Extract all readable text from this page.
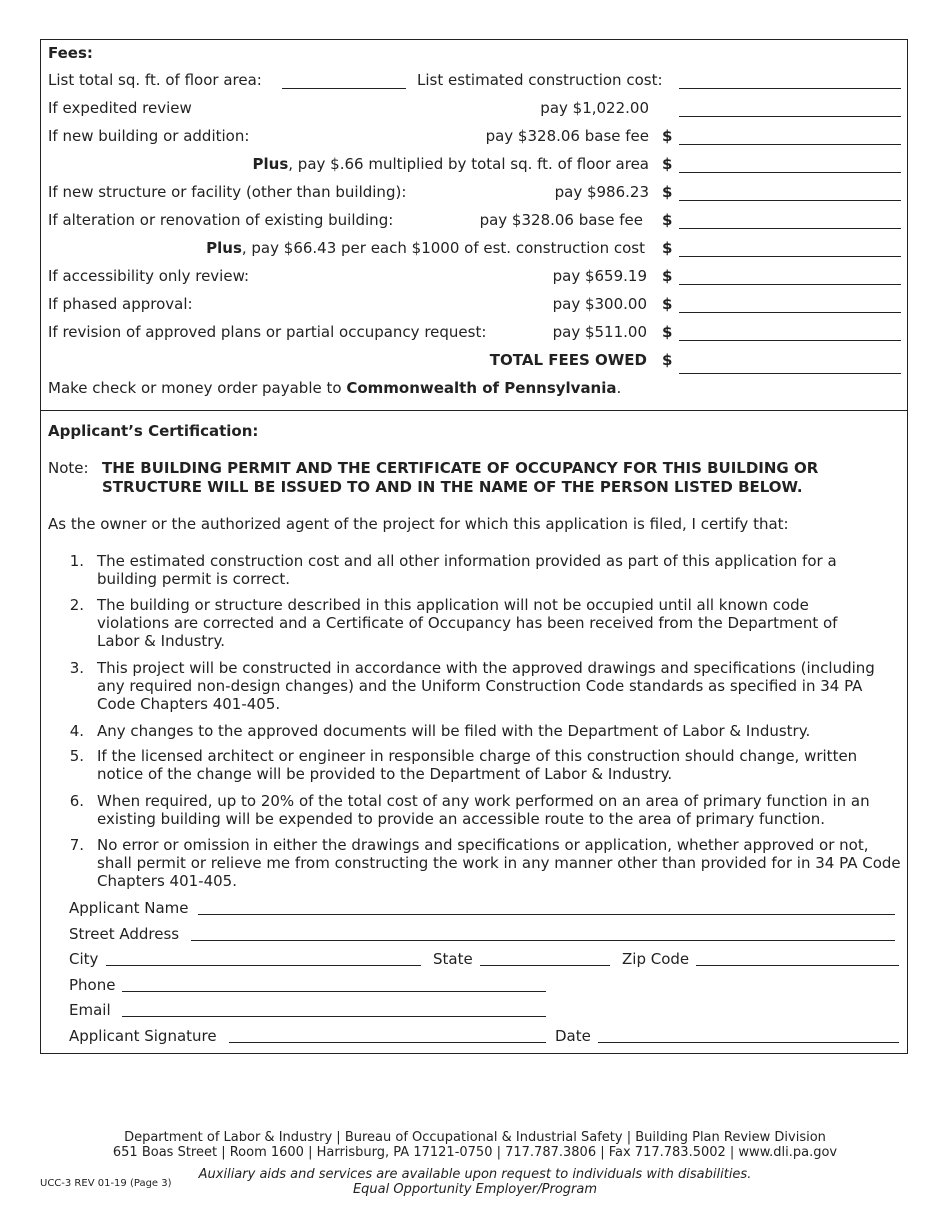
Fees:
List total sq. ft. of floor area:	List estimated construction cost:
If expedited review	pay $1,022.00
If new building or addition:	pay $328.06 base fee $
Plus, pay $.66 multiplied by total sq. ft. of floor area $
If new structure or facility (other than building):	pay $986.23 $
If alteration or renovation of existing building:	pay $328.06 base fee $
Plus, pay $66.43 per each $1000 of est. construction cost $
If accessibility only review:	pay $659.19 $
If phased approval:	pay $300.00 $
If revision of approved plans or partial occupancy request:	pay $511.00 $
TOTAL FEES OWED $
Make check or money order payable to Commonwealth of Pennsylvania.
Applicant’s Certification:
Note: THE BUILDING PERMIT AND THE CERTIFICATE OF OCCUPANCY FOR THIS BUILDING OR
STRUCTURE WILL BE ISSUED TO AND IN THE NAME OF THE PERSON LISTED BELOW.
As the owner or the authorized agent of the project for which this application is filed, I certify that:
1. The estimated construction cost and all other information provided as part of this application for a building permit is correct.
2. The building or structure described in this application will not be occupied until all known code violations are corrected and a Certificate of Occupancy has been received from the Department of Labor & Industry.
3. This project will be constructed in accordance with the approved drawings and specifications (including any required non-design changes) and the Uniform Construction Code standards as specified in 34 PA Code Chapters 401-405.
4. Any changes to the approved documents will be filed with the Department of Labor & Industry.
5. If the licensed architect or engineer in responsible charge of this construction should change, written notice of the change will be provided to the Department of Labor & Industry.
6. When required, up to 20% of the total cost of any work performed on an area of primary function in an existing building will be expended to provide an accessible route to the area of primary function.
7. No error or omission in either the drawings and specifications or application, whether approved or not, shall permit or relieve me from constructing the work in any manner other than provided for in 34 PA Code Chapters 401-405.
Applicant Name
Street Address
City	State	Zip Code
Phone
Email
Applicant Signature	Date
Department of Labor & Industry | Bureau of Occupational & Industrial Safety | Building Plan Review Division
651 Boas Street | Room 1600 | Harrisburg, PA 17121-0750 | 717.787.3806 | Fax 717.783.5002 | www.dli.pa.gov
UCC-3 REV 01-19 (Page 3)
Auxiliary aids and services are available upon request to individuals with disabilities.
Equal Opportunity Employer/Program
